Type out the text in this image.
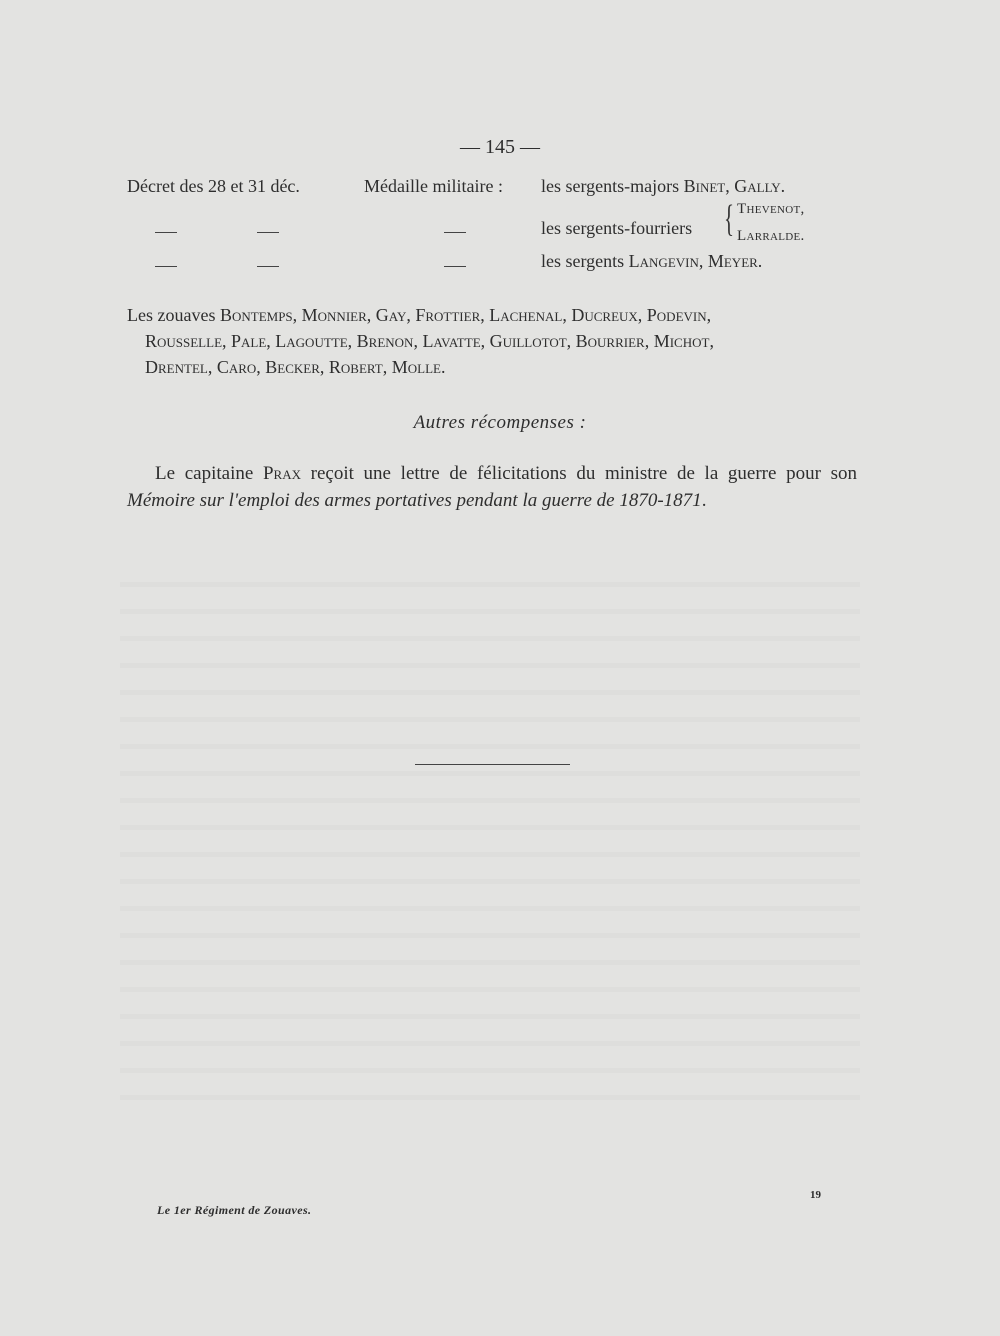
— 145 —
Décret des 28 et 31 déc.	Médaille militaire : les sergents-majors Binet, Gally.
les sergents-fourriers { Thevenot,
Larralde.
les sergents Langevin, Meyer.
Les zouaves Bontemps, Monnier, Gay, Frottier, Lachenal, Ducreux, Podevin,
Rousselle, Pale, Lagoutte, Brenon, Lavatte, Guillotot, Bourrier, Michot,
Drentel, Caro, Becker, Robert, Molle.
Autres récompenses :
Le capitaine Prax reçoit une lettre de félicitations du ministre de la guerre pour son Mémoire sur l'emploi des armes portatives pendant la guerre de 1870-1871.
Le 1er Régiment de Zouaves.
19
